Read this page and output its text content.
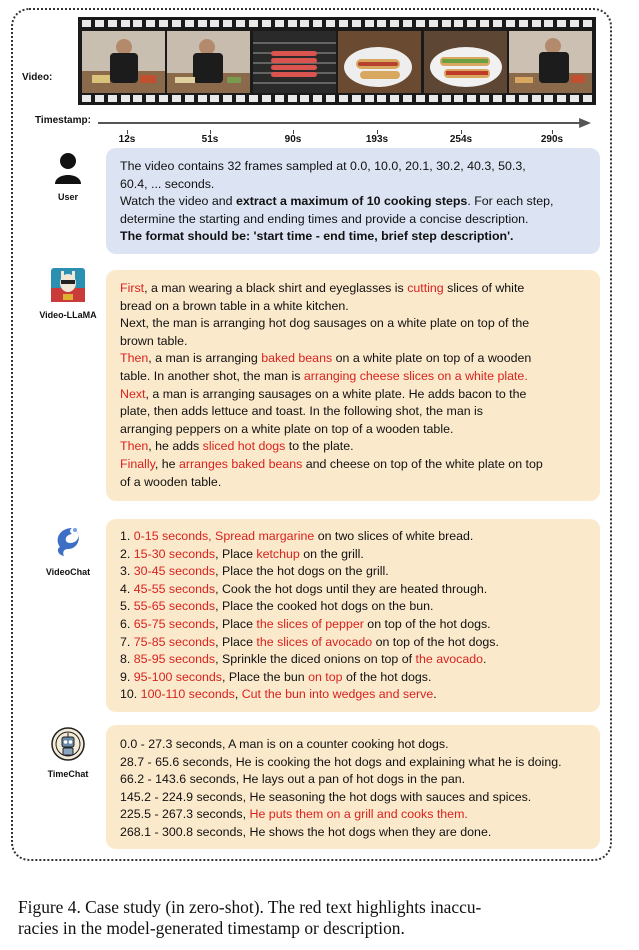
Video:
Timestamp:
12s	51s	90s	193s	254s	290s
User
The video contains 32 frames sampled at 0.0, 10.0, 20.1, 30.2, 40.3, 50.3,
60.4, ... seconds.
Watch the video and extract a maximum of 10 cooking steps. For each step,
determine the starting and ending times and provide a concise description.
The format should be: 'start time - end time, brief step description'.
Video-LLaMA
First, a man wearing a black shirt and eyeglasses is cutting slices of white
bread on a brown table in a white kitchen.
Next, the man is arranging hot dog sausages on a white plate on top of the
brown table.
Then, a man is arranging baked beans on a white plate on top of a wooden
table. In another shot, the man is arranging cheese slices on a white plate.
Next, a man is arranging sausages on a white plate. He adds bacon to the
plate, then adds lettuce and toast. In the following shot, the man is
arranging peppers on a white plate on top of a wooden table.
Then, he adds sliced hot dogs to the plate.
Finally, he arranges baked beans and cheese on top of the white plate on top
of a wooden table.
VideoChat
1. 0-15 seconds, Spread margarine on two slices of white bread.
2. 15-30 seconds, Place ketchup on the grill.
3. 30-45 seconds, Place the hot dogs on the grill.
4. 45-55 seconds, Cook the hot dogs until they are heated through.
5. 55-65 seconds, Place the cooked hot dogs on the bun.
6. 65-75 seconds, Place the slices of pepper on top of the hot dogs.
7. 75-85 seconds, Place the slices of avocado on top of the hot dogs.
8. 85-95 seconds, Sprinkle the diced onions on top of the avocado.
9. 95-100 seconds, Place the bun on top of the hot dogs.
10. 100-110 seconds, Cut the bun into wedges and serve.
TimeChat
0.0 - 27.3 seconds, A man is on a counter cooking hot dogs.
28.7 - 65.6 seconds, He is cooking the hot dogs and explaining what he is doing.
66.2 - 143.6 seconds, He lays out a pan of hot dogs in the pan.
145.2 - 224.9 seconds, He seasoning the hot dogs with sauces and spices.
225.5 - 267.3 seconds, He puts them on a grill and cooks them.
268.1 - 300.8 seconds, He shows the hot dogs when they are done.
Figure 4. Case study (in zero-shot). The red text highlights inaccu-
racies in the model-generated timestamp or description.
